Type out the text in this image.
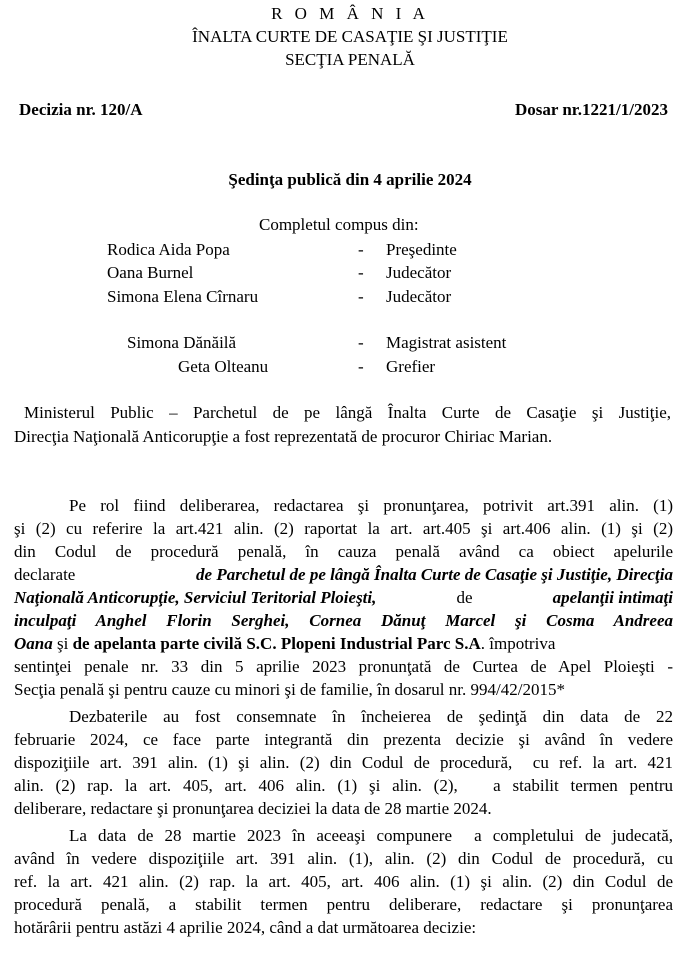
R O M Â N I A
ÎNALTA CURTE DE CASAŢIE ŞI JUSTIŢIE
SECŢIA PENALĂ
Decizia nr. 120/A	Dosar nr.1221/1/2023
Şedinţa publică din 4 aprilie 2024
Completul compus din:
Rodica Aida Popa	- Preşedinte
Oana Burnel	- Judecător
Simona Elena Cîrnaru	- Judecător
Simona Dănăilă	- Magistrat asistent
Geta Olteanu	- Grefier
Ministerul Public – Parchetul de pe lângă Înalta Curte de Casaţie şi Justiţie,
Direcţia Naţională Anticorupţie a fost reprezentată de procuror Chiriac Marian.
Pe rol fiind deliberarea, redactarea şi pronunţarea, potrivit art.391 alin. (1)
şi (2) cu referire la art.421 alin. (2) raportat la art. art.405 şi art.406 alin. (1) şi (2)
din Codul de procedură penală, în cauza penală având ca obiect apelurile
declarate	de Parchetul de pe lângă Înalta Curte de Casaţie şi Justiţie, Direcţia
Naţională Anticorupţie, Serviciul Teritorial Ploieşti,	de	apelanţii intimaţi
inculpaţi Anghel Florin Serghei, Cornea Dănuţ Marcel şi Cosma Andreea
Oana şi de apelanta parte civilă S.C. Plopeni Industrial Parc S.A. împotriva
sentinţei penale nr. 33 din 5 aprilie 2023 pronunţată de Curtea de Apel Ploieşti -
Secţia penală şi pentru cauze cu minori şi de familie, în dosarul nr. 994/42/2015*
Dezbaterile au fost consemnate în încheierea de şedinţă din data de 22
februarie 2024, ce face parte integrantă din prezenta decizie şi având în vedere
dispoziţiile art. 391 alin. (1) şi alin. (2) din Codul de procedură,  cu ref. la art. 421
alin. (2) rap. la art. 405, art. 406 alin. (1) şi alin. (2),   a stabilit termen pentru
deliberare, redactare şi pronunţarea deciziei la data de 28 martie 2024.
La data de 28 martie 2023 în aceeaşi compunere  a completului de judecată,
având în vedere dispoziţiile art. 391 alin. (1), alin. (2) din Codul de procedură, cu
ref. la art. 421 alin. (2) rap. la art. 405, art. 406 alin. (1) şi alin. (2) din Codul de
procedură penală, a stabilit termen pentru deliberare, redactare şi pronunţarea
hotărârii pentru astăzi 4 aprilie 2024, când a dat următoarea decizie:
